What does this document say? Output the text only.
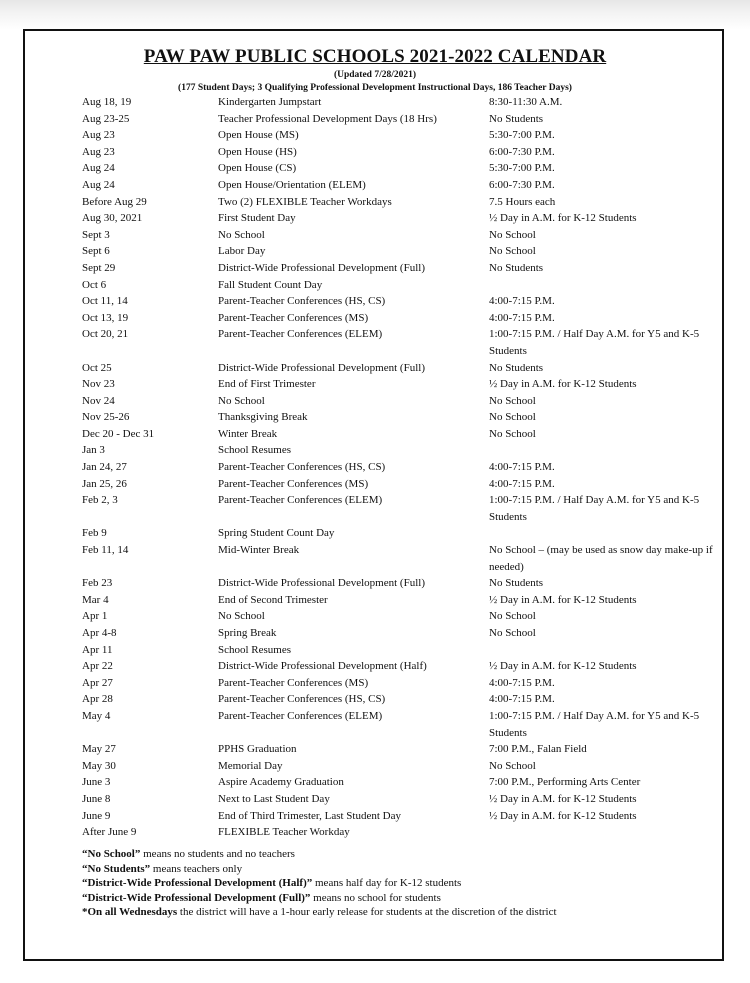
PAW PAW PUBLIC SCHOOLS 2021-2022 CALENDAR
(Updated 7/28/2021)
(177 Student Days; 3 Qualifying Professional Development Instructional Days, 186 Teacher Days)
Aug 18, 19	Kindergarten Jumpstart	8:30-11:30 A.M.
Aug 23-25	Teacher Professional Development Days (18 Hrs)	No Students
Aug 23	Open House (MS)	5:30-7:00 P.M.
Aug 23	Open House (HS)	6:00-7:30 P.M.
Aug 24	Open House (CS)	5:30-7:00 P.M.
Aug 24	Open House/Orientation (ELEM)	6:00-7:30 P.M.
Before Aug 29	Two (2) FLEXIBLE Teacher Workdays	7.5 Hours each
Aug 30, 2021	First Student Day	½ Day in A.M. for K-12 Students
Sept 3	No School	No School
Sept 6	Labor Day	No School
Sept 29	District-Wide Professional Development (Full)	No Students
Oct 6	Fall Student Count Day
Oct 11, 14	Parent-Teacher Conferences (HS, CS)	4:00-7:15 P.M.
Oct 13, 19	Parent-Teacher Conferences (MS)	4:00-7:15 P.M.
Oct 20, 21	Parent-Teacher Conferences (ELEM)	1:00-7:15 P.M. / Half Day A.M. for Y5 and K-5 Students
Oct 25	District-Wide Professional Development (Full)	No Students
Nov 23	End of First Trimester	½ Day in A.M. for K-12 Students
Nov 24	No School	No School
Nov 25-26	Thanksgiving Break	No School
Dec 20 - Dec 31	Winter Break	No School
Jan 3	School Resumes
Jan 24, 27	Parent-Teacher Conferences (HS, CS)	4:00-7:15 P.M.
Jan 25, 26	Parent-Teacher Conferences (MS)	4:00-7:15 P.M.
Feb 2, 3	Parent-Teacher Conferences (ELEM)	1:00-7:15 P.M. / Half Day A.M. for Y5 and K-5 Students
Feb 9	Spring Student Count Day
Feb 11, 14	Mid-Winter Break	No School – (may be used as snow day make-up if needed)
Feb 23	District-Wide Professional Development (Full)	No Students
Mar 4	End of Second Trimester	½ Day in A.M. for K-12 Students
Apr 1	No School	No School
Apr 4-8	Spring Break	No School
Apr 11	School Resumes
Apr 22	District-Wide Professional Development (Half)	½ Day in A.M. for K-12 Students
Apr 27	Parent-Teacher Conferences (MS)	4:00-7:15 P.M.
Apr 28	Parent-Teacher Conferences (HS, CS)	4:00-7:15 P.M.
May 4	Parent-Teacher Conferences (ELEM)	1:00-7:15 P.M. / Half Day A.M. for Y5 and K-5 Students
May 27	PPHS Graduation	7:00 P.M., Falan Field
May 30	Memorial Day	No School
June 3	Aspire Academy Graduation	7:00 P.M., Performing Arts Center
June 8	Next to Last Student Day	½ Day in A.M. for K-12 Students
June 9	End of Third Trimester, Last Student Day	½ Day in A.M. for K-12 Students
After June 9	FLEXIBLE Teacher Workday
“No School” means no students and no teachers
“No Students” means teachers only
“District-Wide Professional Development (Half)” means half day for K-12 students
“District-Wide Professional Development (Full)” means no school for students
*On all Wednesdays the district will have a 1-hour early release for students at the discretion of the district
